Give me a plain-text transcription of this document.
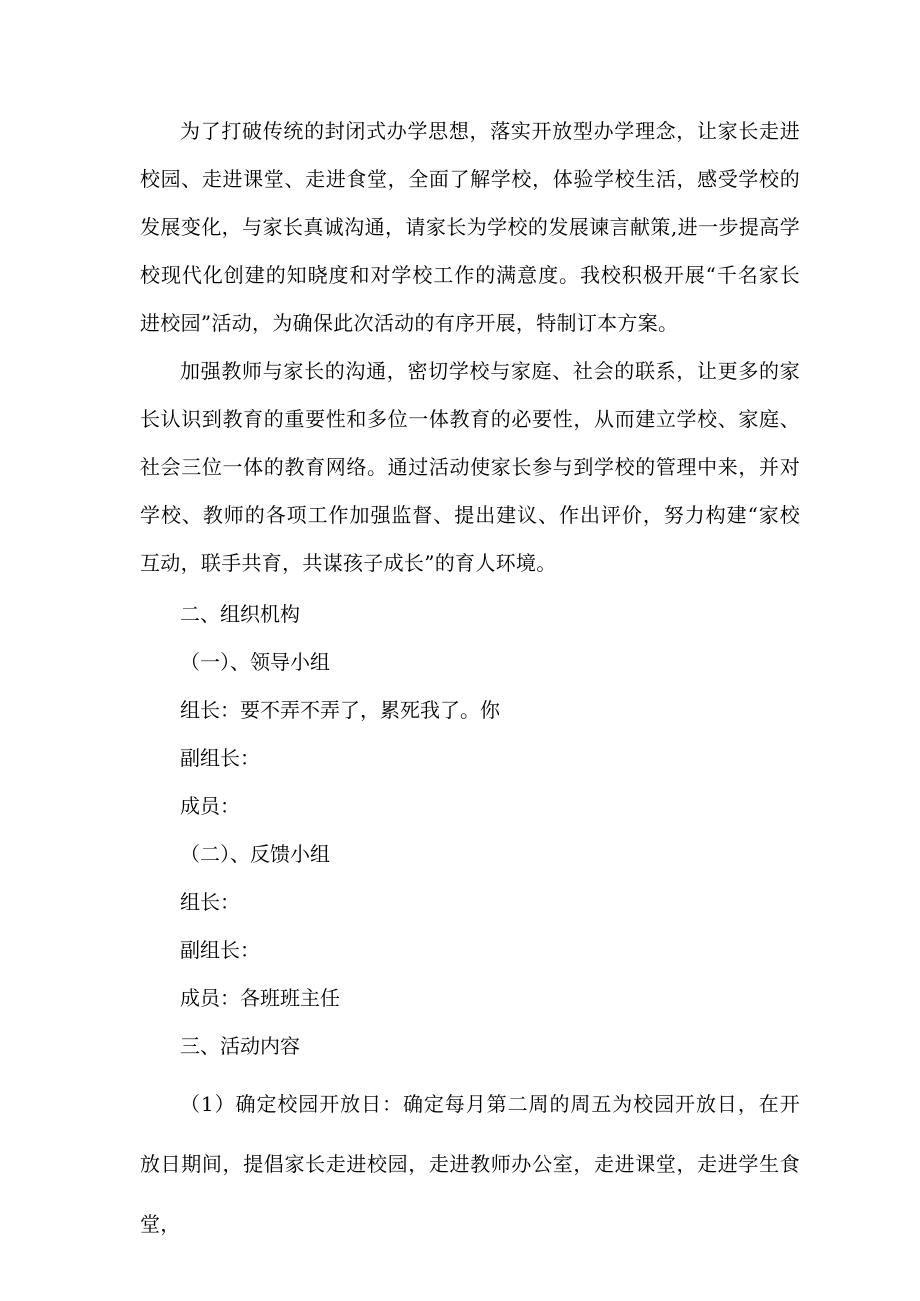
为了打破传统的封闭式办学思想，落实开放型办学理念，让家长走进校园、走进课堂、走进食堂，全面了解学校，体验学校生活，感受学校的发展变化，与家长真诚沟通，请家长为学校的发展谏言献策,进一步提高学校现代化创建的知晓度和对学校工作的满意度。我校积极开展“千名家长进校园”活动，为确保此次活动的有序开展，特制订本方案。

加强教师与家长的沟通，密切学校与家庭、社会的联系，让更多的家长认识到教育的重要性和多位一体教育的必要性，从而建立学校、家庭、社会三位一体的教育网络。通过活动使家长参与到学校的管理中来，并对学校、教师的各项工作加强监督、提出建议、作出评价，努力构建“家校互动，联手共育，共谋孩子成长”的育人环境。

二、组织机构

（一）、领导小组

组长：要不弄不弄了，累死我了。你

副组长：

成员：

（二）、反馈小组

组长：

副组长：

成员：各班班主任

三、活动内容

（1）确定校园开放日：确定每月第二周的周五为校园开放日，在开放日期间，提倡家长走进校园，走进教师办公室，走进课堂，走进学生食堂，
